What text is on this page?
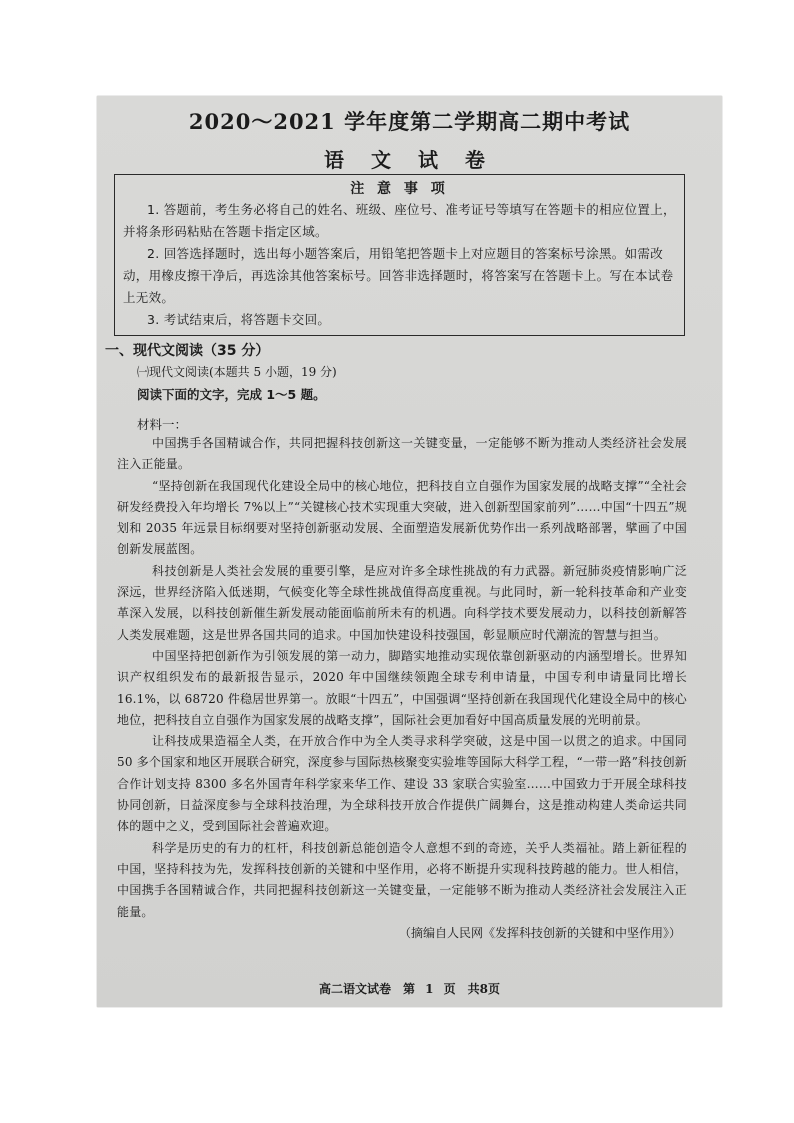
2020～2021 学年度第二学期高二期中考试
语 文 试 卷
注 意 事 项

1. 答题前，考生务必将自己的姓名、班级、座位号、准考证号等填写在答题卡的相应位置上，并将条形码粘贴在答题卡指定区域。

2. 回答选择题时，选出每小题答案后，用铅笔把答题卡上对应题目的答案标号涂黑。如需改动，用橡皮擦干净后，再选涂其他答案标号。回答非选择题时，将答案写在答题卡上。写在本试卷上无效。

3. 考试结束后，将答题卡交回。

一、现代文阅读（35 分）

㈠现代文阅读(本题共 5 小题，19 分)

阅读下面的文字，完成 1～5 题。

材料一：

中国携手各国精诚合作，共同把握科技创新这一关键变量，一定能够不断为推动人类经济社会发展注入正能量。

“坚持创新在我国现代化建设全局中的核心地位，把科技自立自强作为国家发展的战略支撑”“全社会研发经费投入年均增长 7%以上”“关键核心技术实现重大突破，进入创新型国家前列”……中国“十四五”规划和 2035 年远景目标纲要对坚持创新驱动发展、全面塑造发展新优势作出一系列战略部署，擘画了中国创新发展蓝图。

科技创新是人类社会发展的重要引擎，是应对许多全球性挑战的有力武器。新冠肺炎疫情影响广泛深远，世界经济陷入低迷期，气候变化等全球性挑战值得高度重视。与此同时，新一轮科技革命和产业变革深入发展，以科技创新催生新发展动能面临前所未有的机遇。向科学技术要发展动力，以科技创新解答人类发展难题，这是世界各国共同的追求。中国加快建设科技强国，彰显顺应时代潮流的智慧与担当。

中国坚持把创新作为引领发展的第一动力，脚踏实地推动实现依靠创新驱动的内涵型增长。世界知识产权组织发布的最新报告显示，2020 年中国继续领跑全球专利申请量，中国专利申请量同比增长 16.1%，以 68720 件稳居世界第一。放眼“十四五”，中国强调“坚持创新在我国现代化建设全局中的核心地位，把科技自立自强作为国家发展的战略支撑”，国际社会更加看好中国高质量发展的光明前景。

让科技成果造福全人类，在开放合作中为全人类寻求科学突破，这是中国一以贯之的追求。中国同 50 多个国家和地区开展联合研究，深度参与国际热核聚变实验堆等国际大科学工程，“一带一路”科技创新合作计划支持 8300 多名外国青年科学家来华工作、建设 33 家联合实验室……中国致力于开展全球科技协同创新，日益深度参与全球科技治理，为全球科技开放合作提供广阔舞台，这是推动构建人类命运共同体的题中之义，受到国际社会普遍欢迎。

科学是历史的有力的杠杆，科技创新总能创造令人意想不到的奇迹，关乎人类福祉。踏上新征程的中国，坚持科技为先，发挥科技创新的关键和中坚作用，必将不断提升实现科技跨越的能力。世人相信，中国携手各国精诚合作，共同把握科技创新这一关键变量，一定能够不断为推动人类经济社会发展注入正能量。

（摘编自人民网《发挥科技创新的关键和中坚作用》）

高二语文试卷　第 1 页　共8页
